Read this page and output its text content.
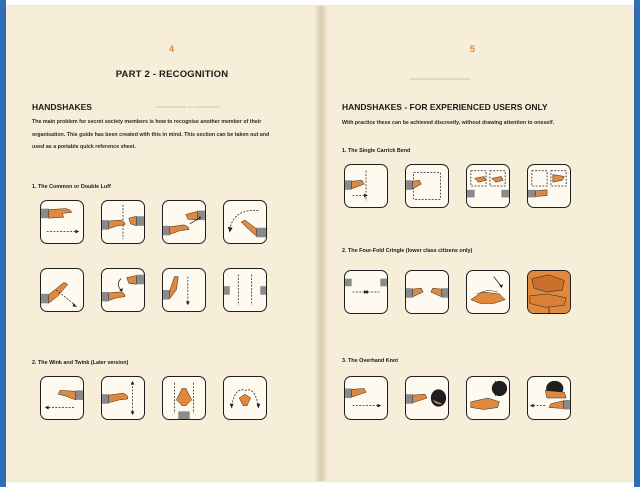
▬▬▬▬▬ ▬ ▬▬▬▬
4
PART 2 - RECOGNITION
HANDSHAKES
The main problem for secret society members is how to recognise another member of their
organisation. This guide has been created with this in mind. This section can be taken out and
used as a portable quick reference sheet.
1. The Common or Double Luff
2. The Wink and Twink (Later version)
▬▬▬▬▬▬▬▬▬▬
5
HANDSHAKES - FOR EXPERIENCED USERS ONLY
With practice these can be achieved discreetly, without drawing attention to oneself.
1. The Single Carrick Bend
2. The Four-Fold Cringle (lower class citizens only)
3. The Overhand Knot
